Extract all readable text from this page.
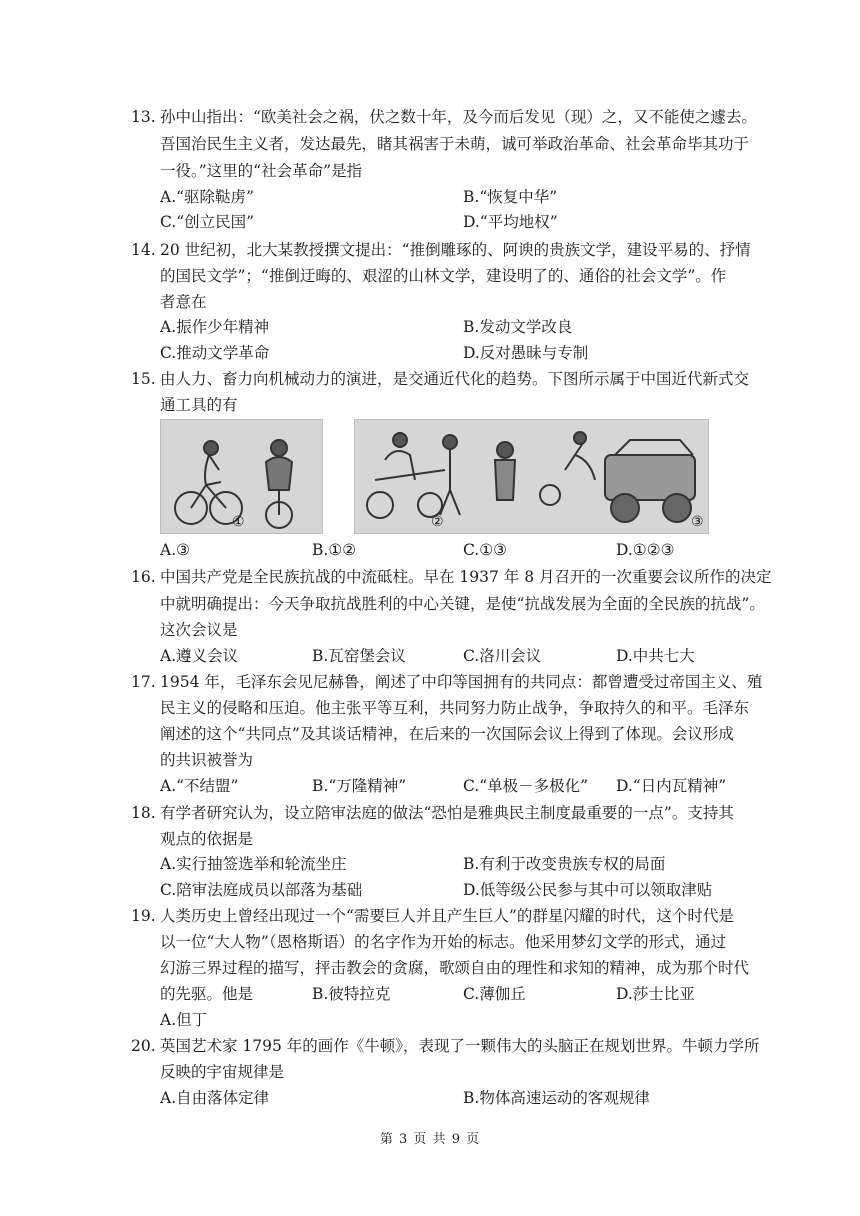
13. 孙中山指出：“欧美社会之祸，伏之数十年，及今而后发见（现）之，又不能使之遽去。
吾国治民生主义者，发达最先，睹其祸害于未萌，诚可举政治革命、社会革命毕其功于
一役。”这里的“社会革命”是指
A.“驱除鞑虏”	B.“恢复中华”
C.“创立民国”	D.“平均地权”
14. 20 世纪初，北大某教授撰文提出：“推倒雕琢的、阿谀的贵族文学，建设平易的、抒情
的国民文学”；“推倒迂晦的、艰涩的山林文学，建设明了的、通俗的社会文学”。作
者意在
A.振作少年精神	B.发动文学改良
C.推动文学革命	D.反对愚昧与专制
15. 由人力、畜力向机械动力的演进，是交通近代化的趋势。下图所示属于中国近代新式交
通工具的有
①	②	③
A.③	B.①②	C.①③	D.①②③
16. 中国共产党是全民族抗战的中流砥柱。早在 1937 年 8 月召开的一次重要会议所作的决定
中就明确提出：今天争取抗战胜利的中心关键，是使“抗战发展为全面的全民族的抗战”。
这次会议是
A.遵义会议	B.瓦窑堡会议	C.洛川会议	D.中共七大
17. 1954 年，毛泽东会见尼赫鲁，阐述了中印等国拥有的共同点：都曾遭受过帝国主义、殖
民主义的侵略和压迫。他主张平等互利，共同努力防止战争，争取持久的和平。毛泽东
阐述的这个“共同点”及其谈话精神，在后来的一次国际会议上得到了体现。会议形成
的共识被誉为
A.“不结盟”	B.“万隆精神”	C.“单极－多极化” D.“日内瓦精神”
18. 有学者研究认为，设立陪审法庭的做法“恐怕是雅典民主制度最重要的一点”。支持其
观点的依据是
A.实行抽签选举和轮流坐庄	B.有利于改变贵族专权的局面
C.陪审法庭成员以部落为基础	D.低等级公民参与其中可以领取津贴
19. 人类历史上曾经出现过一个“需要巨人并且产生巨人”的群星闪耀的时代，这个时代是
以一位“大人物”（恩格斯语）的名字作为开始的标志。他采用梦幻文学的形式，通过
幻游三界过程的描写，抨击教会的贪腐，歌颂自由的理性和求知的精神，成为那个时代
的先驱。他是	B.彼特拉克	C.薄伽丘	D.莎士比亚
A.但丁
20. 英国艺术家 1795 年的画作《牛顿》，表现了一颗伟大的头脑正在规划世界。牛顿力学所
反映的宇宙规律是
A.自由落体定律	B.物体高速运动的客观规律
第 3 页 共 9 页
